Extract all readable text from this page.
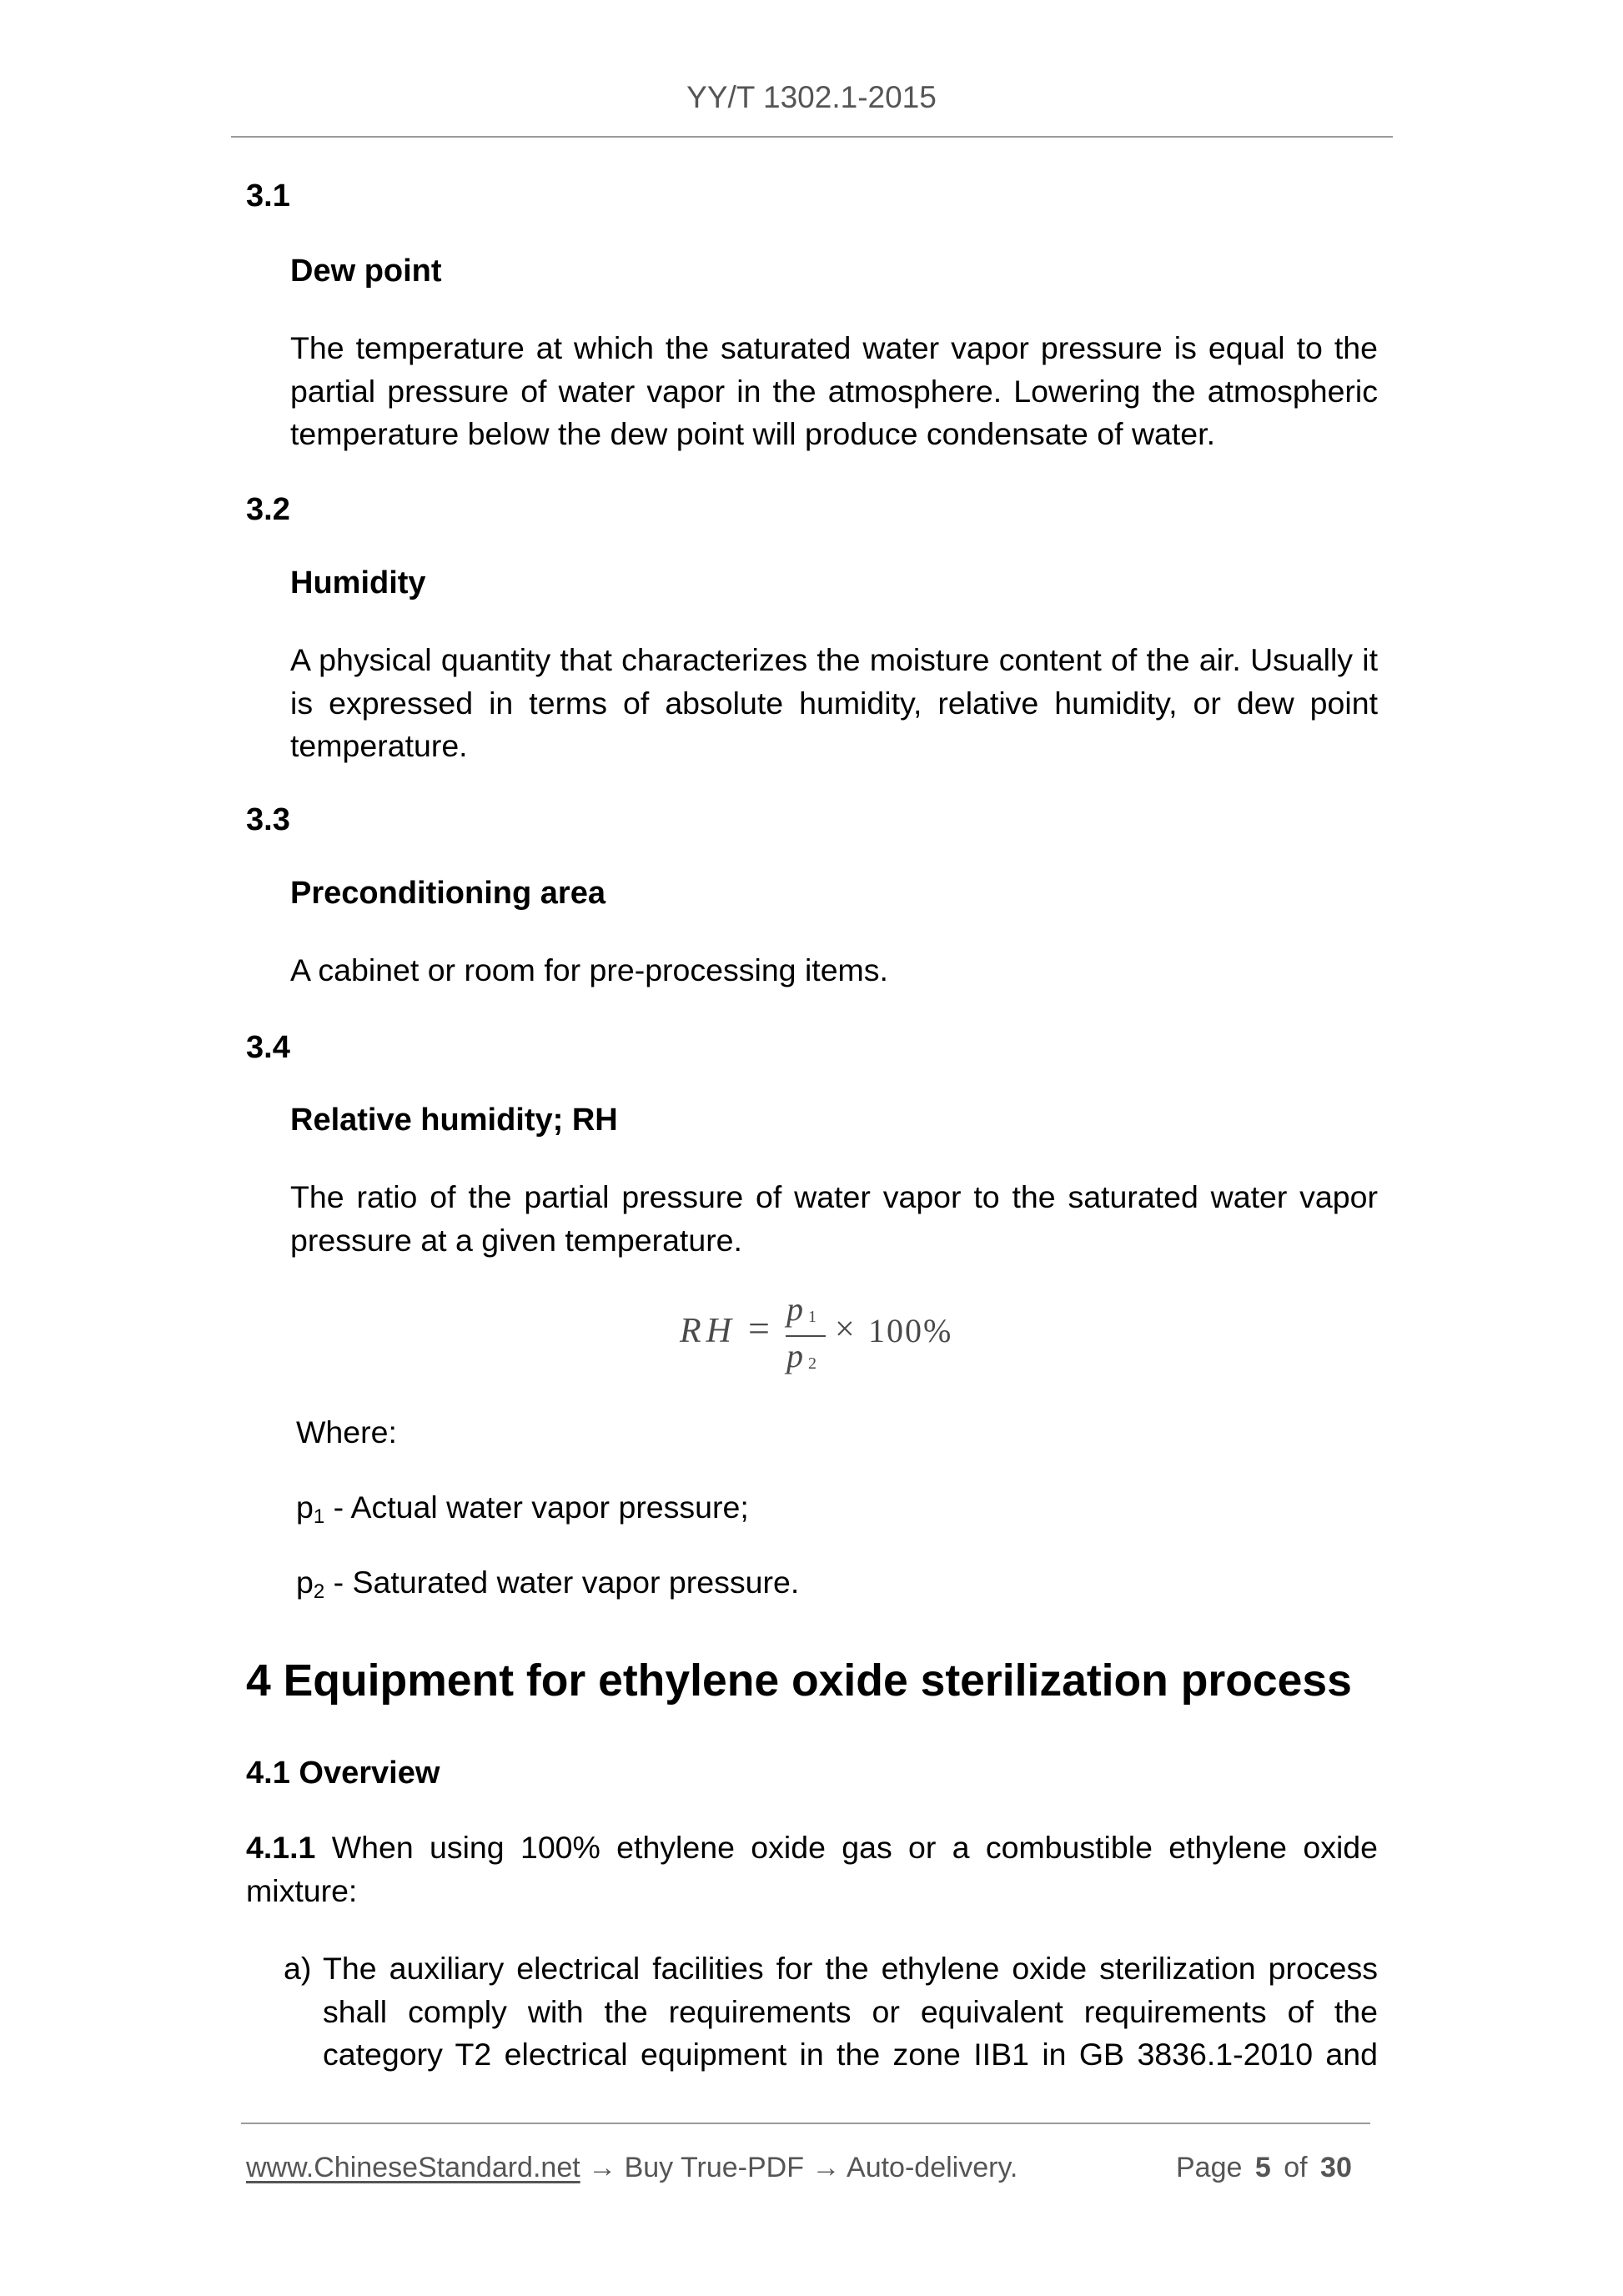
YY/T 1302.1-2015
3.1
Dew point
The temperature at which the saturated water vapor pressure is equal to the partial pressure of water vapor in the atmosphere. Lowering the atmospheric temperature below the dew point will produce condensate of water.
3.2
Humidity
A physical quantity that characterizes the moisture content of the air. Usually it is expressed in terms of absolute humidity, relative humidity, or dew point temperature.
3.3
Preconditioning area
A cabinet or room for pre-processing items.
3.4
Relative humidity; RH
The ratio of the partial pressure of water vapor to the saturated water vapor pressure at a given temperature.
RH = p 1
p 2
× 100%
Where:
$p_1$ - Actual water vapor pressure;
$p_2$ - Saturated water vapor pressure.
4 Equipment for ethylene oxide sterilization process
4.1 Overview
4.1.1 When using 100% ethylene oxide gas or a combustible ethylene oxide mixture:
a) The auxiliary electrical facilities for the ethylene oxide sterilization process shall comply with the requirements or equivalent requirements of the category T2 electrical equipment in the zone IIB1 in GB 3836.1-2010 and
www.ChineseStandard.net → Buy True-PDF → Auto-delivery.	Page 5 of 30
